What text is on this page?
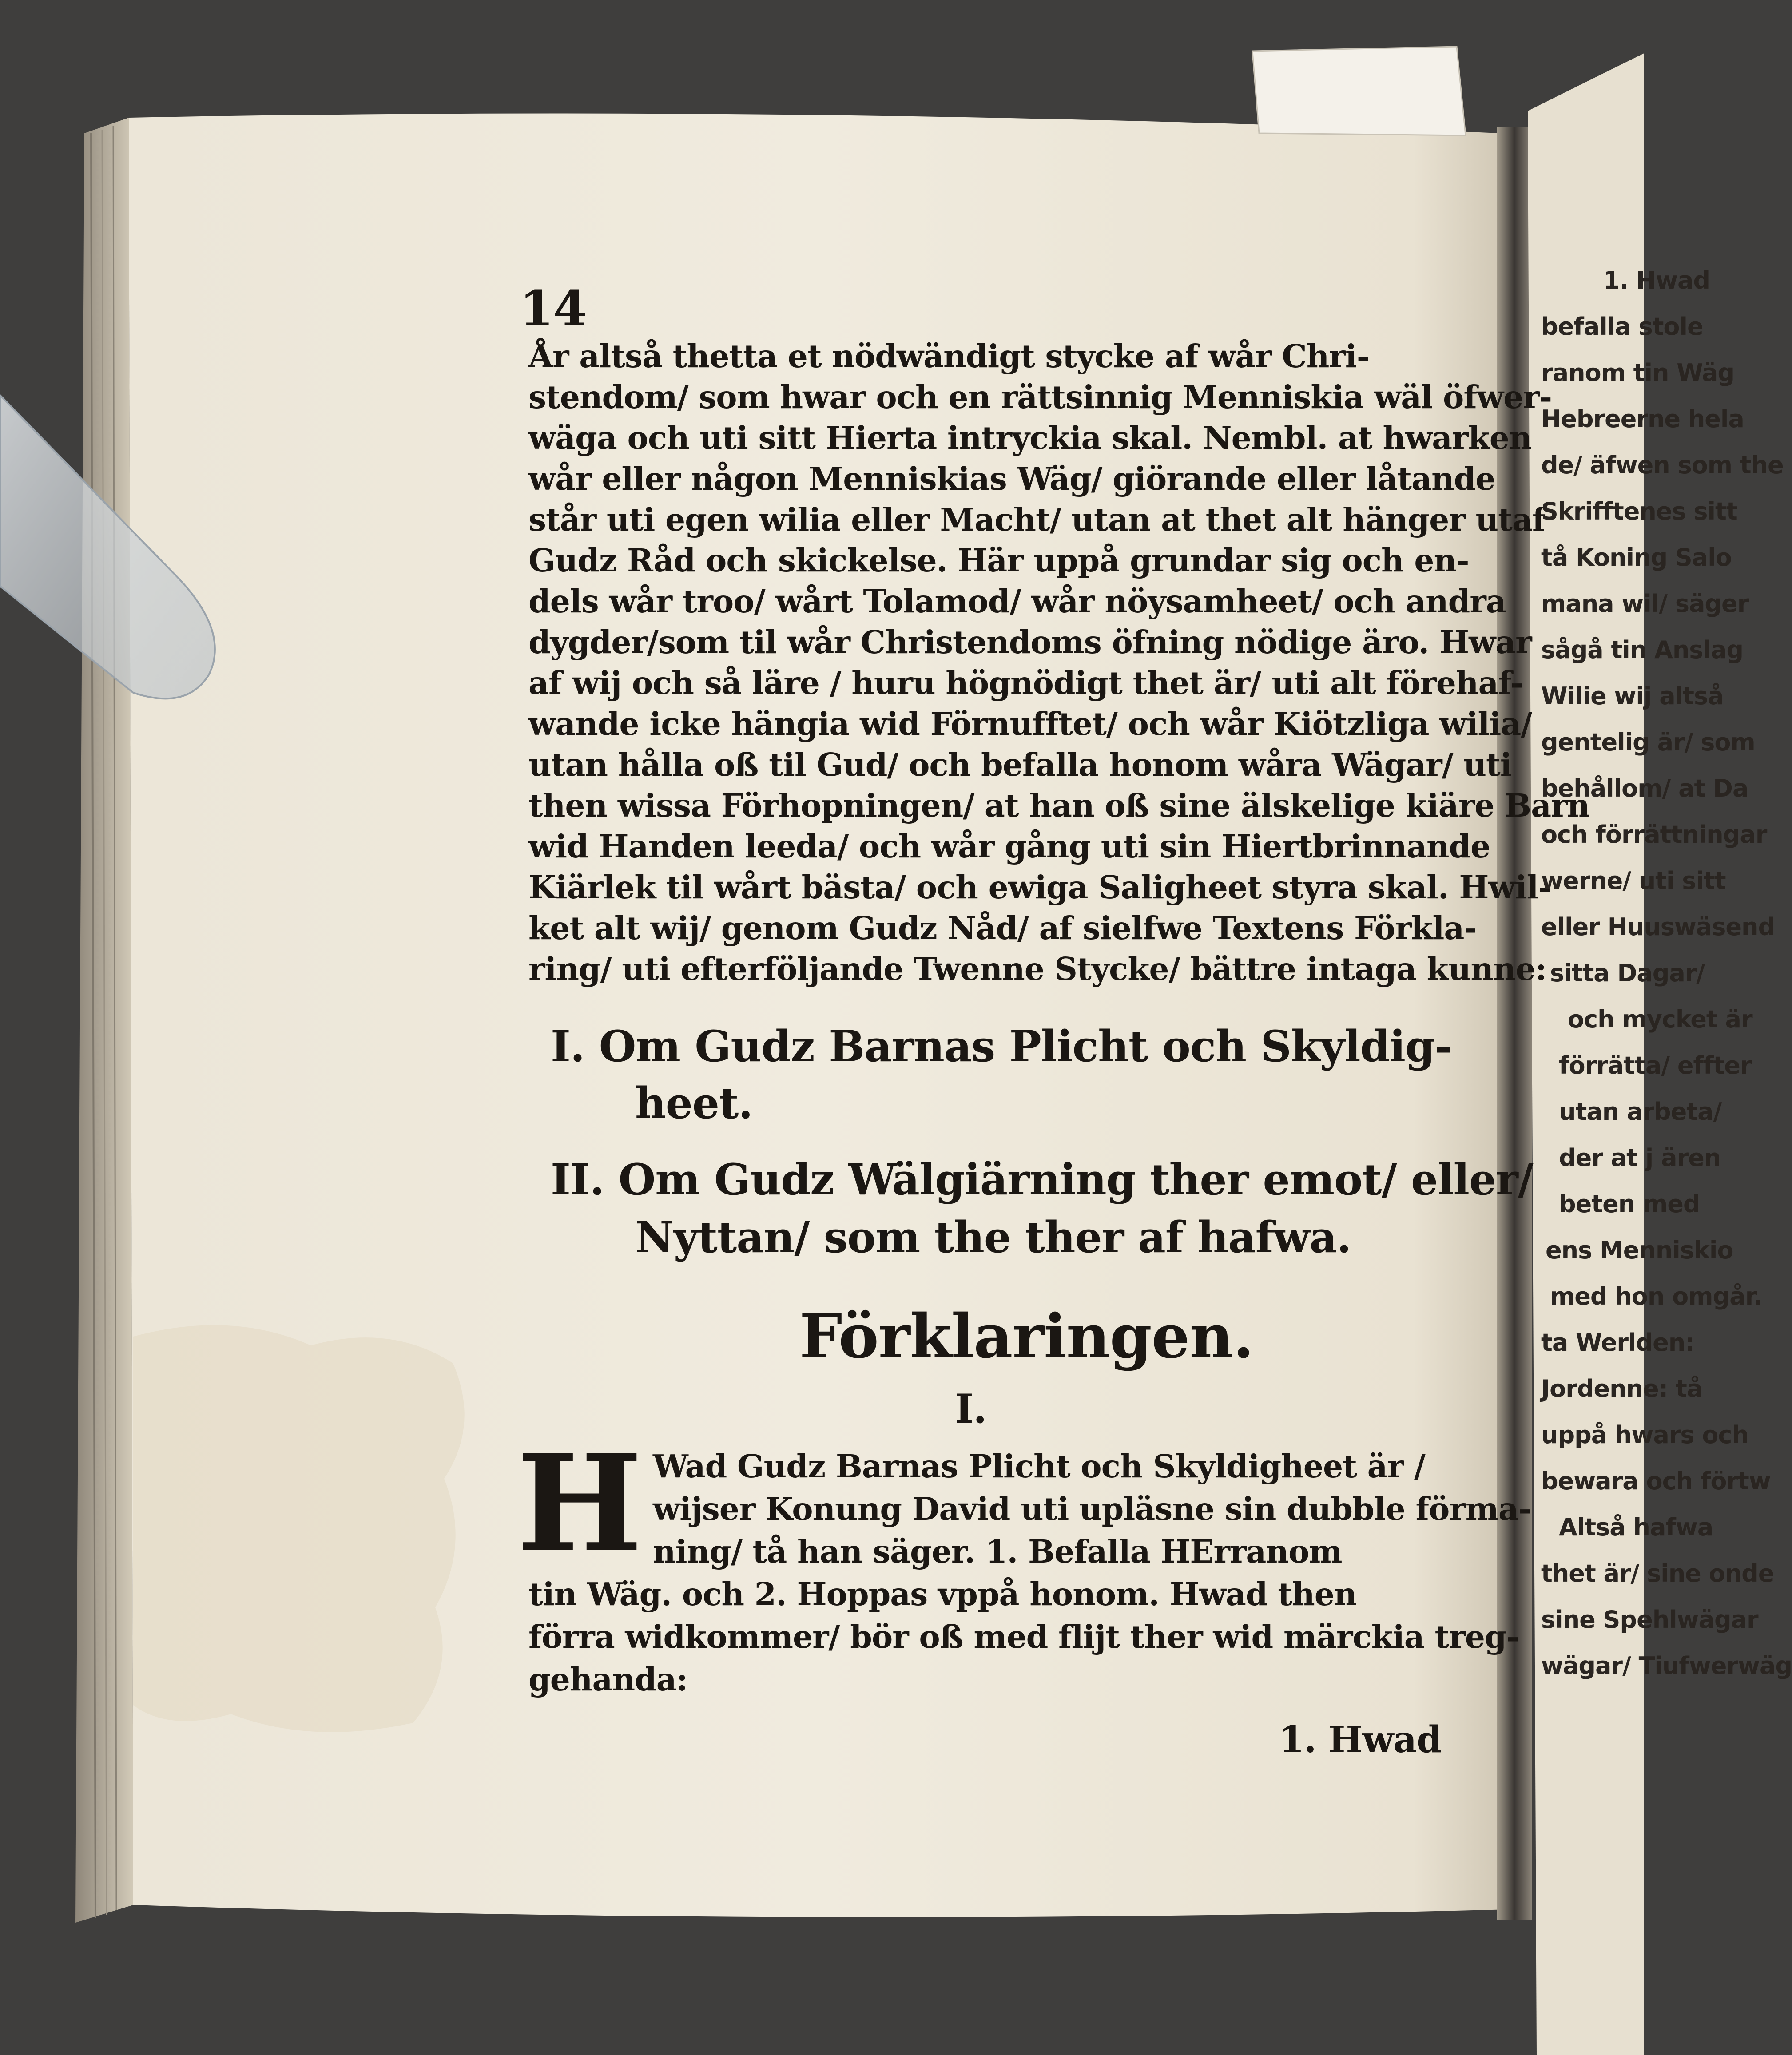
14
År altså thetta et nödwändigt stycke af wår Chri-
stendom/ som hwar och en rättsinnig Menniskia wäl öfwer-
wäga och uti sitt Hierta intryckia skal. Nembl. at hwarken
wår eller någon Menniskias Wäg/ giörande eller låtande
står uti egen wilia eller Macht/ utan at thet alt hänger utaf
Gudz Råd och skickelse. Här uppå grundar sig och en-
dels wår troo/ wårt Tolamod/ wår nöysamheet/ och andra
dygder/som til wår Christendoms öfning nödige äro. Hwar
af wij och så läre / huru högnödigt thet är/ uti alt förehaf-
wande icke hängia wid Förnufftet/ och wår Kiötzliga wilia/
utan hålla oß til Gud/ och befalla honom wåra Wägar/ uti
then wissa Förhopningen/ at han oß sine älskelige kiäre Barn
wid Handen leeda/ och wår gång uti sin Hiertbrinnande
Kiärlek til wårt bästa/ och ewiga Saligheet styra skal. Hwil-
ket alt wij/ genom Gudz Nåd/ af sielfwe Textens Förkla-
ring/ uti efterföljande Twenne Stycke/ bättre intaga kunne:
I. Om Gudz Barnas Plicht och Skyldig-
heet.
II. Om Gudz Wälgiärning ther emot/ eller/
Nyttan/ som the ther af hafwa.
Förklaringen.
I.
H Wad Gudz Barnas Plicht och Skyldigheet är /
wijser Konung David uti upläsne sin dubble förma-
ning/ tå han säger. 1. Befalla HErranom
tin Wäg. och 2. Hoppas vppå honom. Hwad then
förra widkommer/ bör oß med flijt ther wid märckia treg-
gehanda:
1. Hwad
1. Hwad
befalla stole
ranom tin Wäg
Hebreerne hela
de/ äfwen som the
Skrifftenes sitt
tå Koning Salo
mana wil/ säger
sågå tin Anslag
Wilie wij altså
gentelig är/ som
behållom/ at Da
och förrättningar
werne/ uti sitt
eller Huuswäsend
sitta Dagar/
och mycket är
förrätta/ effter
utan arbeta/
der at j ären
beten med
ens Menniskio
med hon omgår.
ta Werlden:
Jordenne: tå
uppå hwars och
bewara och förtw
Altså hafwa
thet är/ sine onde
sine Spehlwägar
wägar/ Tiufwerwäg
